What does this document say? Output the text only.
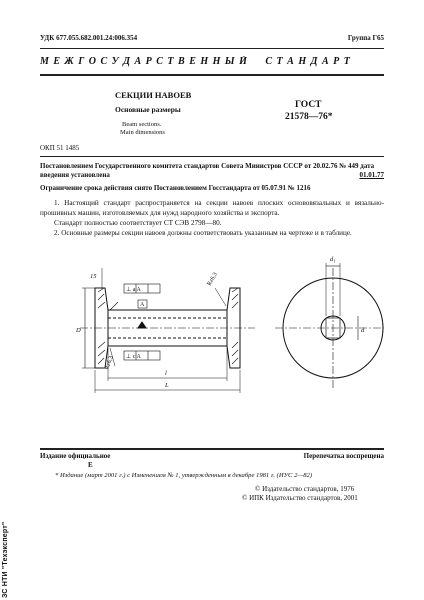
УДК 677.055.682.001.24:006.354	Группа Г65
М Е Ж Г О С У Д А Р С Т В Е Н Н Ы Й     С Т А Н Д А Р Т
СЕКЦИИ НАВОЕВ
Основные размеры
Beam sections.
Main dimensions
ГОСТ
21578—76*
ОКП 51 1485
Постановлением Государственного комитета стандартов Совета Министров СССР от 20.02.76 № 449 дата
введения установлена	01.01.77
Ограничение срока действия снято Постановлением Госстандарта от 05.07.91 № 1216
1. Настоящий стандарт распространяется на секции навоев плоских основовязальных и вязально-прошивных машин, изготовляемых для нужд народного хозяйства и экспорта.
Стандарт полностью соответствует СТ СЭВ 2798—80.
2. Основные размеры секции навоев должны соответствовать указанным на чертеже и в таблице.
D
15
l
L
A
⊥ a A
⊥ c A
Rz6,3
Rz6,3
d₁
d
Издание официальное
E
Перепечатка воспрещена
* Издание (март 2001 г.) с Изменением № 1, утвержденным в декабре 1981 г. (ИУС 2—82)
© Издательство стандартов, 1976
© ИПК Издательство стандартов, 2001
ЗС НТИ "Техэксперт"
